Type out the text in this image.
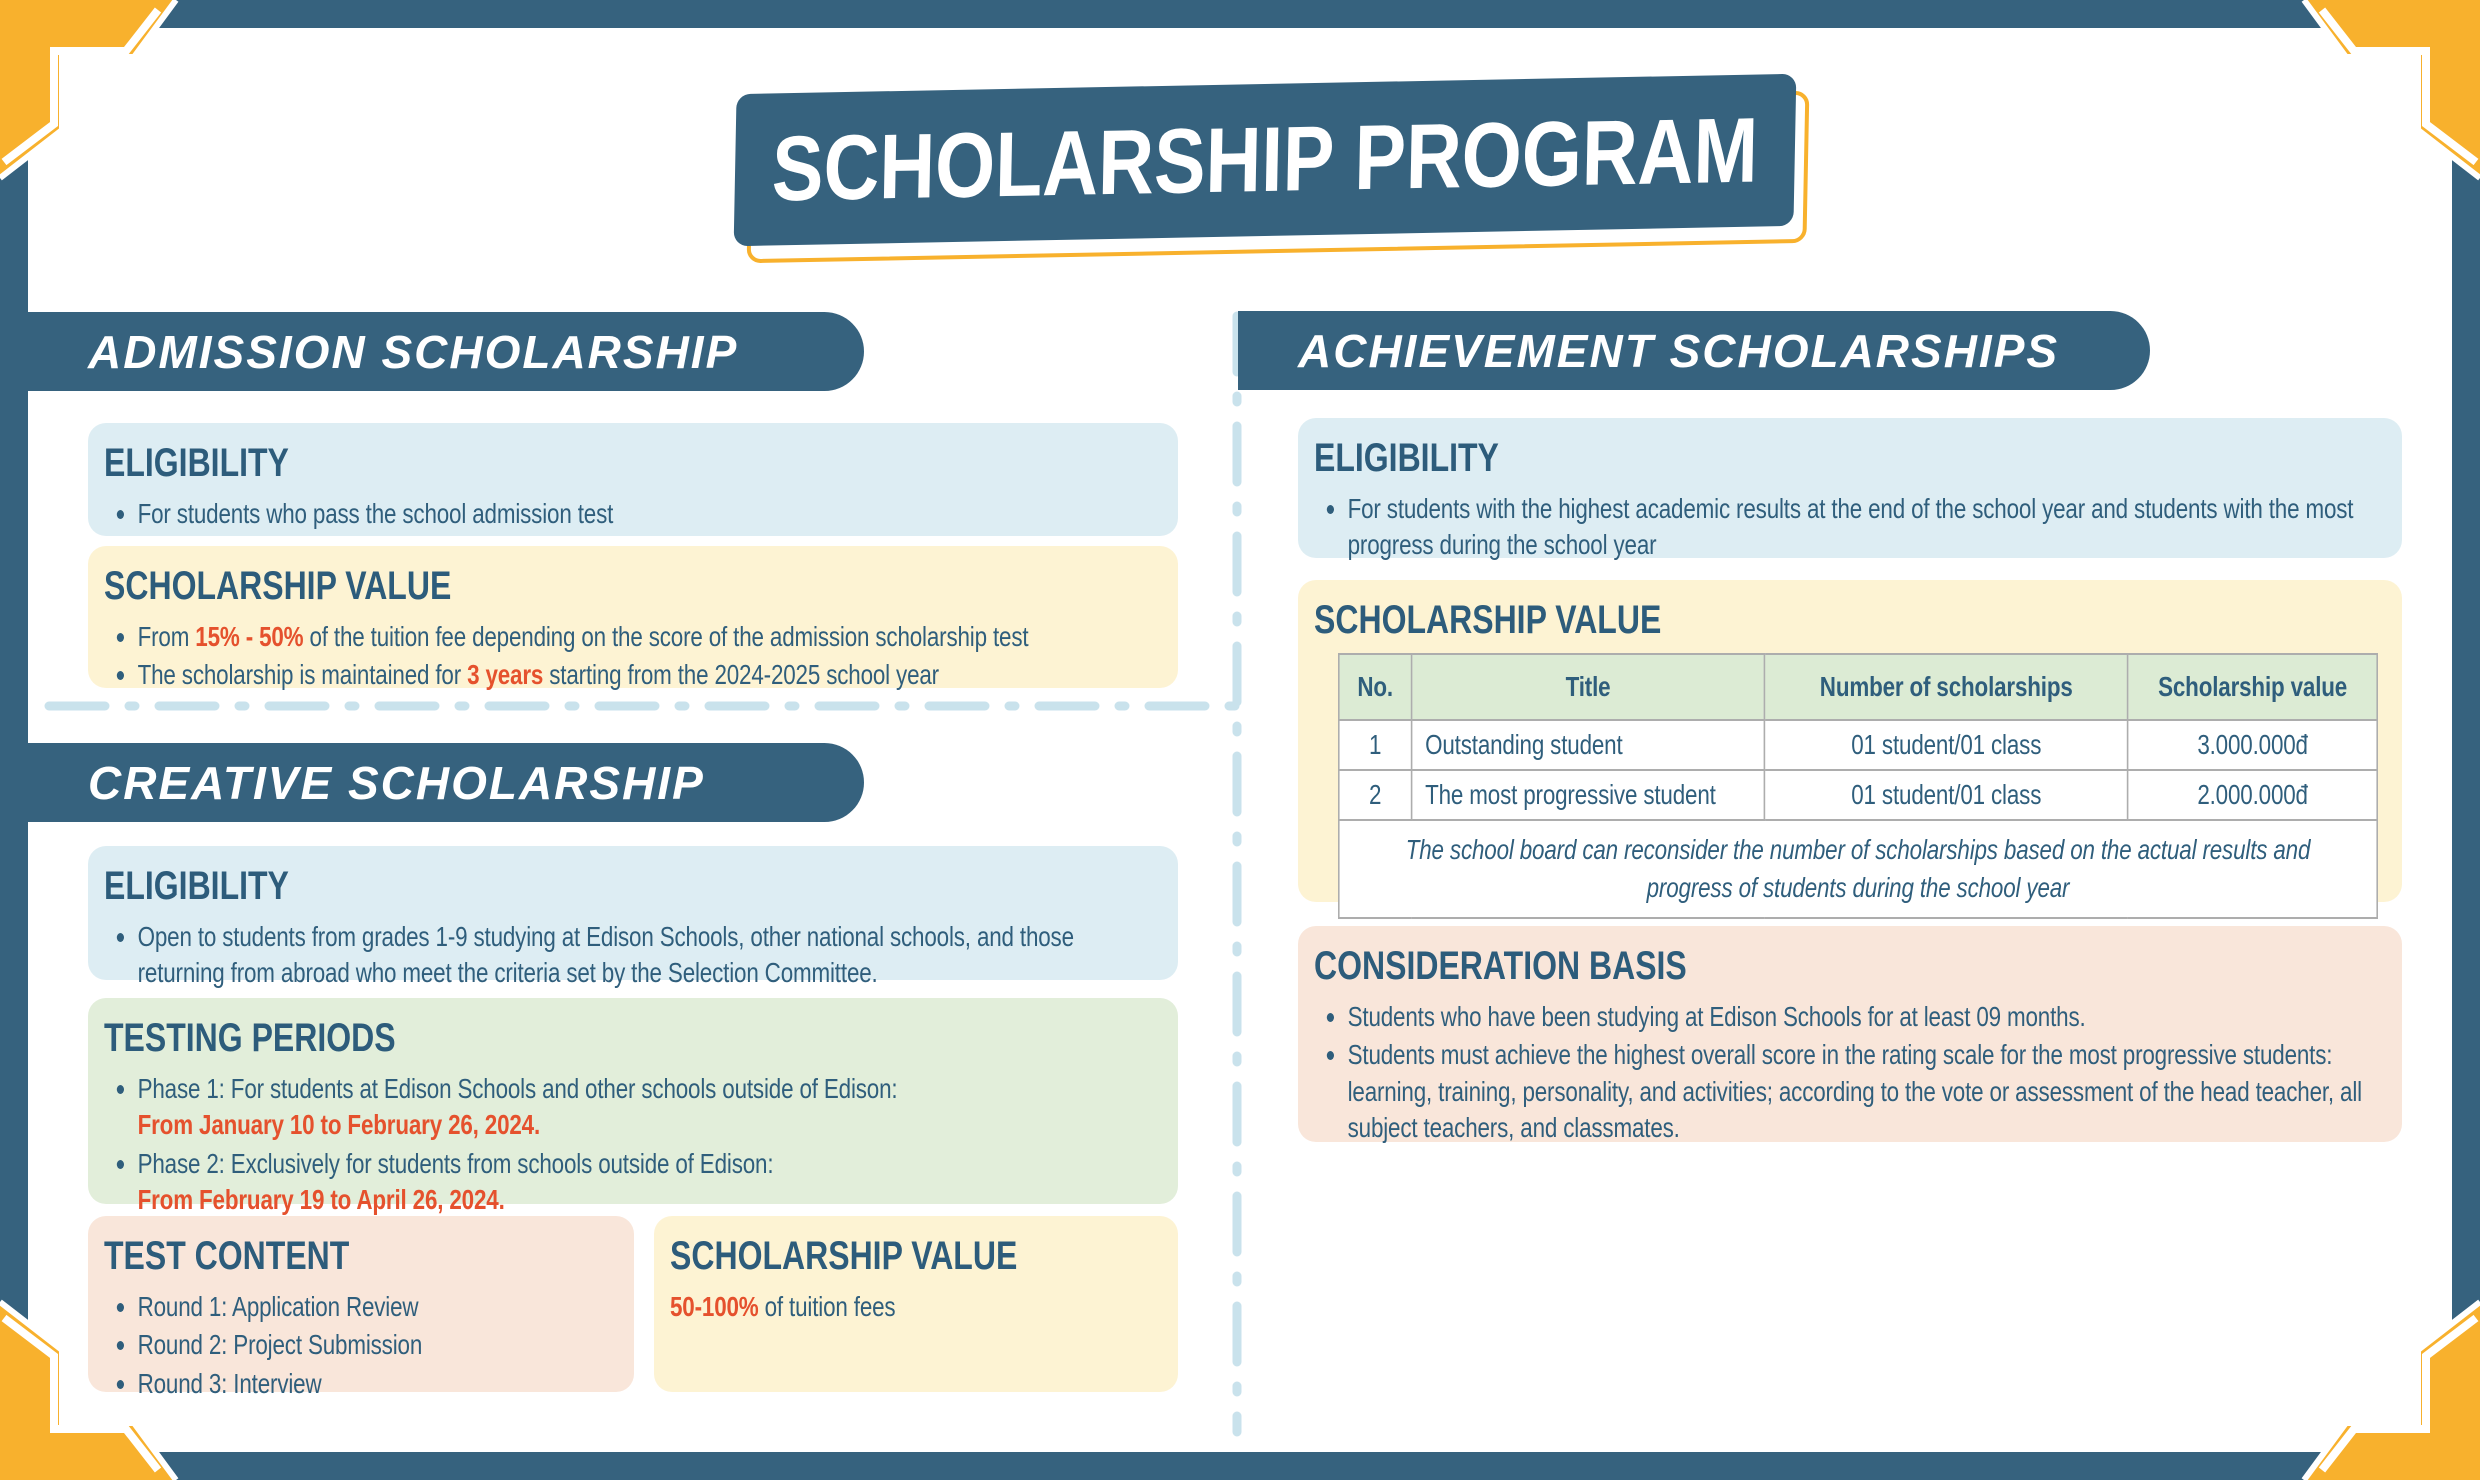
SCHOLARSHIP PROGRAM
ADMISSION SCHOLARSHIP
CREATIVE SCHOLARSHIP
ACHIEVEMENT SCHOLARSHIPS
ELIGIBILITY
For students who pass the school admission test
SCHOLARSHIP VALUE
From 15% - 50% of the tuition fee depending on the score of the admission scholarship test
The scholarship is maintained for 3 years starting from the 2024-2025 school year
ELIGIBILITY
Open to students from grades 1-9 studying at Edison Schools, other national schools, and those returning from abroad who meet the criteria set by the Selection Committee.
TESTING PERIODS
Phase 1: For students at Edison Schools and other schools outside of Edison:
From January 10 to February 26, 2024.
Phase 2: Exclusively for students from schools outside of Edison:
From February 19 to April 26, 2024.
TEST CONTENT
Round 1: Application Review
Round 2: Project Submission
Round 3: Interview
SCHOLARSHIP VALUE

50-100% of tuition fees

ELIGIBILITY
For students with the highest academic results at the end of the school year and students with the most progress during the school year
SCHOLARSHIP VALUE
No.	Title	Number of scholarships	Scholarship value
1	Outstanding student	01 student/01 class	3.000.000đ
2	The most progressive student	01 student/01 class	2.000.000đ
The school board can reconsider the number of scholarships based on the actual results and progress of students during the school year			
CONSIDERATION BASIS
Students who have been studying at Edison Schools for at least 09 months.
Students must achieve the highest overall score in the rating scale for the most progressive students: learning, training, personality, and activities; according to the vote or assessment of the head teacher, all subject teachers, and classmates.
